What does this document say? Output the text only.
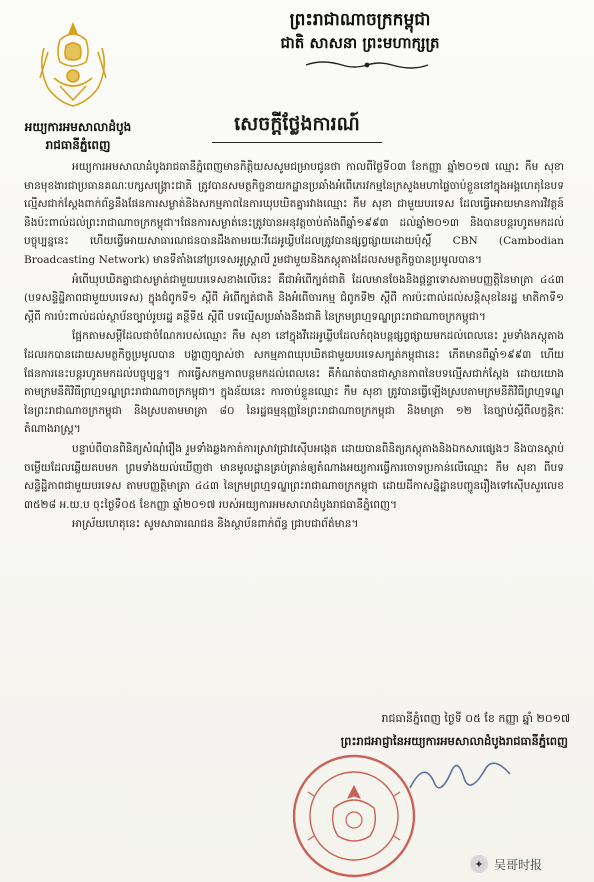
អយ្យការអមសាលាដំបូង
រាជធានីភ្នំពេញ
ព្រះរាជាណាចក្រកម្ពុជា
ជាតិ សាសនា ព្រះមហាក្សត្រ
សេចក្តីថ្លែងការណ៍

អយ្យការអមសាលាដំបូងរាជធានីភ្នំពេញមានកិត្តិយសសូមជម្រាបជូនថា កាលពីថ្ងៃទី០៣ ខែកញ្ញា ឆ្នាំ២០១៧ ឈ្មោះ កឹម សុខា មានមុខងារជាប្រធានគណៈបក្សសង្គ្រោះជាតិ ត្រូវបានសមត្ថកិច្ចនាយកដ្ឋានប្រឆាំងអំពើភេរវកម្មនៃក្រសួងមហាផ្ទៃចាប់ខ្លួននៅក្នុងអង្គហេតុនៃបទល្មើសជាក់ស្តែងពាក់ព័ន្ធនឹងផែនការសម្ងាត់និងសកម្មភាពនៃការឃុបឃិតគ្នារវាងឈ្មោះ កឹម សុខា ជាមួយបរទេស ដែលធ្វើអោយមានការវិវត្តន៍និងប៉ះពាល់ដល់ព្រះរាជាណាចក្រកម្ពុជា។ផែនការសម្ងាត់នេះត្រូវបានអនុវត្តចាប់តាំងពីឆ្នាំ១៩៩៣ ដល់ឆ្នាំ២០១៣ និងបានបន្តរហូតមកដល់បច្ចុប្បន្ននេះ ហើយធ្វើអោយសាធារណជនបានដឹងតាមរយៈវីដេអូឃ្លីបដែលត្រូវបានផ្សព្វផ្សាយដោយប៉ុស្តិ៍ CBN (Cambodian Broadcasting Network) មានទីតាំងនៅប្រទេសអូស្ត្រាលី រួមជាមួយនិងភស្តុតាងដែលសមត្ថកិច្ចបានប្រមូលបាន។

អំពើឃុបឃិតគ្នាជាសម្ងាត់ជាមួយបរទេសខាងលើនេះ គឺជាអំពើក្បត់ជាតិ ដែលមានចែងនិងផ្តន្ទាទោសតាមបញ្ញត្តិនៃមាត្រា ៤៤៣ (បទសន្ទិដ្ឋិភាពជាមួយបរទេស) ក្នុងជំពូកទី១ ស្តីពី អំពើក្បត់ជាតិ និងអំពើចារកម្ម ជំពូកទី២ ស្តីពី ការប៉ះពាល់ដល់សន្តិសុខនៃរដ្ឋ មាតិកាទី១ ស្តីពី ការប៉ះពាល់ដល់ស្ថាប័នច្បាប់រូបរដ្ឋ គន្ថីទី៥ ស្តីពី បទល្មើសប្រឆាំងនឹងជាតិ នៃក្រមព្រហ្មទណ្ឌព្រះរាជាណាចក្រកម្ពុជា។

ផ្អែកតាមសម្តីដែលជាចំណែករបស់ឈ្មោះ កឹម សុខា នៅក្នុងវីដេអូឃ្លីបដែលកំពុងបន្តផ្សព្វផ្សាយមកដល់ពេលនេះ រួមទាំងភស្តុតាងដែលរកបានដោយសមត្ថកិច្ចប្រមូលបាន បង្ហាញច្បាស់ថា សកម្មភាពឃុបឃិតជាមួយបរទេសក្បត់កម្ពុជានេះ កើតមានពីឆ្នាំ១៩៩៣ ហើយផែនការនេះបន្តរហូតមកដល់បច្ចុប្បន្ន។ ការធ្វើសកម្មភាពបន្តមកដល់ពេលនេះ គឺកំណត់បានជាស្ថានភាពនៃបទល្មើសជាក់ស្តែង ដោយយោងតាមក្រមនីតិវិធីព្រហ្មទណ្ឌព្រះរាជាណាចក្រកម្ពុជា។ ក្នុងន័យនេះ ការចាប់ខ្លួនឈ្មោះ កឹម សុខា ត្រូវបានធ្វើឡើងស្របតាមក្រមនីតិវិធីព្រហ្មទណ្ឌនៃព្រះរាជាណាចក្រកម្ពុជា និងស្របតាមមាត្រា ៨០ នៃរដ្ឋធម្មនុញ្ញនៃព្រះរាជាណាចក្រកម្ពុជា និងមាត្រា ១២ នៃច្បាប់ស្តីពីលក្ខន្តិកៈតំណាងរាស្ត្រ។

បន្ទាប់ពីបានពិនិត្យសំណុំរឿង រួមទាំងឆ្លងកាត់ការស្រាវជ្រាវស៊ើបអង្កេត ដោយបានពិនិត្យភស្តុតាងនិងឯកសារផ្សេងៗ និងបានស្តាប់ចម្លើយដែលឆ្លើយតបមក ព្រមទាំងយល់ឃើញថា មានមូលដ្ឋានគ្រប់គ្រាន់ឲ្យតំណាងអយ្យការធ្វើការចោទប្រកាន់លើឈ្មោះ កឹម សុខា ពីបទ សន្ទិដ្ឋិភាពជាមួយបរទេស តាមបញ្ញត្តិមាត្រា ៤៤៣ នៃក្រមព្រហ្មទណ្ឌព្រះរាជាណាចក្រកម្ពុជា ដោយដីកាសន្និដ្ឋានបញ្ជូនរឿងទៅស៊ើបសួរលេខ ៣៥២៨ អ.យ.ប ចុះថ្ងៃទី០៥ ខែកញ្ញា ឆ្នាំ២០១៧ របស់អយ្យការអមសាលាដំបូងរាជធានីភ្នំពេញ។

អាស្រ័យហេតុនេះ សូមសាធារណជន និងស្ថាប័នពាក់ព័ន្ធ ជ្រាបជាព័ត៌មាន។

រាជធានីភ្នំពេញ ថ្ងៃទី ០៥ ខែ កញ្ញា ឆ្នាំ ២០១៧
ព្រះរាជអាជ្ញានៃអយ្យការអមសាលាដំបូងរាជធានីភ្នំពេញ
✦ 吴哥时报
